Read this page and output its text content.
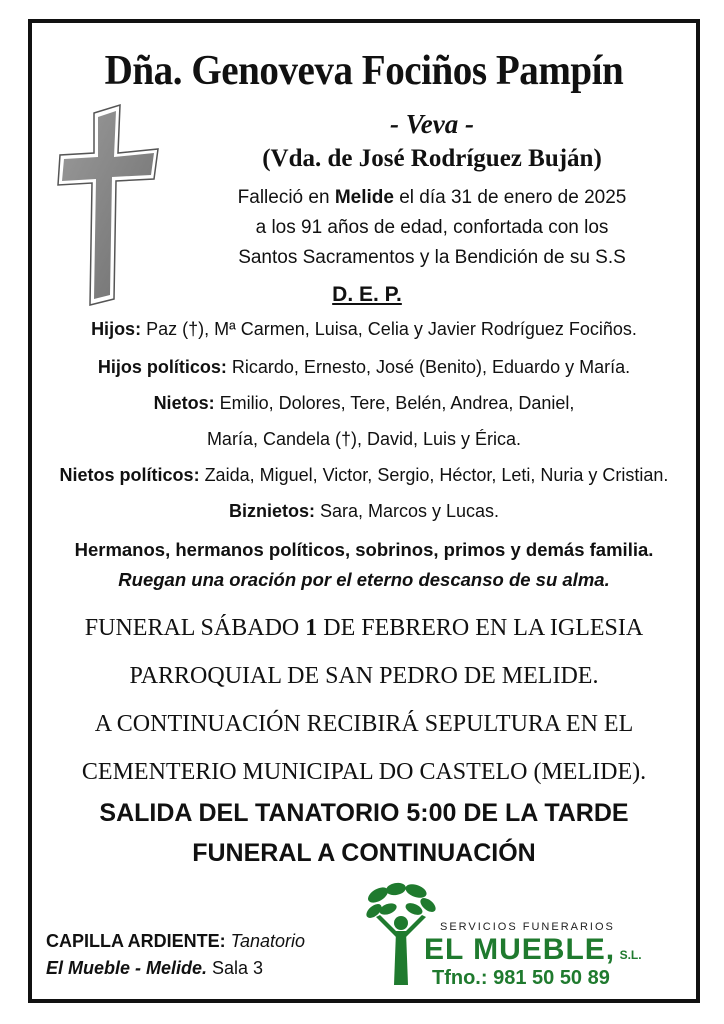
Dña. Genoveva Fociños Pampín
- Veva -
(Vda. de José Rodríguez Buján)
Falleció en Melide el día 31 de enero de 2025
a los 91 años de edad, confortada con los
Santos Sacramentos y la Bendición de su S.S
D. E. P.
Hijos: Paz (†), Mª Carmen, Luisa, Celia y Javier Rodríguez Fociños.
Hijos políticos: Ricardo, Ernesto, José (Benito), Eduardo y María.
Nietos: Emilio, Dolores, Tere, Belén, Andrea, Daniel,
María, Candela (†), David, Luis y Érica.
Nietos políticos: Zaida, Miguel, Victor, Sergio, Héctor, Leti, Nuria y Cristian.
Biznietos: Sara, Marcos y Lucas.
Hermanos, hermanos políticos, sobrinos, primos y demás familia.
Ruegan una oración por el eterno descanso de su alma.
FUNERAL SÁBADO 1 DE FEBRERO EN LA IGLESIA
PARROQUIAL DE SAN PEDRO DE MELIDE.
A CONTINUACIÓN RECIBIRÁ SEPULTURA EN EL
CEMENTERIO MUNICIPAL DO CASTELO (MELIDE).
SALIDA DEL TANATORIO 5:00 DE LA TARDE
FUNERAL A CONTINUACIÓN
CAPILLA ARDIENTE: Tanatorio
El Mueble - Melide. Sala 3
SERVICIOS FUNERARIOS
EL MUEBLE, S.L.
Tfno.: 981 50 50 89
